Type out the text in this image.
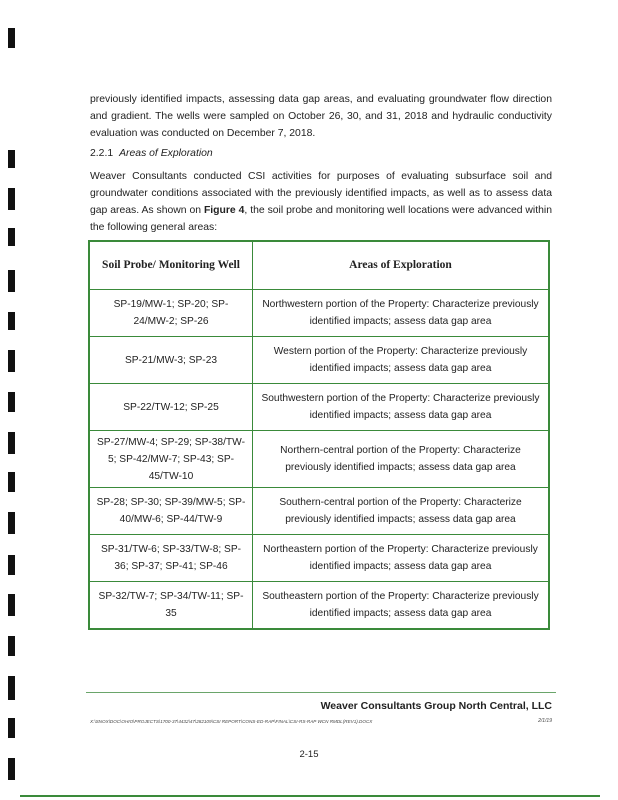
previously identified impacts, assessing data gap areas, and evaluating groundwater flow direction and gradient. The wells were sampled on October 26, 30, and 31, 2018 and hydraulic conductivity evaluation was conducted on December 7, 2018.

2.2.1 Areas of Exploration

Weaver Consultants conducted CSI activities for purposes of evaluating subsurface soil and groundwater conditions associated with the previously identified impacts, as well as to assess data gap areas. As shown on Figure 4, the soil probe and monitoring well locations were advanced within the following general areas:

Soil Probe/ Monitoring Well	Areas of Exploration
SP-19/MW-1; SP-20; SP-24/MW-2; SP-26	Northwestern portion of the Property: Characterize previously identified impacts; assess data gap area
SP-21/MW-3; SP-23	Western portion of the Property: Characterize previously identified impacts; assess data gap area
SP-22/TW-12; SP-25	Southwestern portion of the Property: Characterize previously identified impacts; assess data gap area
SP-27/MW-4; SP-29; SP-38/TW-5; SP-42/MW-7; SP-43; SP-45/TW-10	Northern-central portion of the Property: Characterize previously identified impacts; assess data gap area
SP-28; SP-30; SP-39/MW-5; SP-40/MW-6; SP-44/TW-9	Southern-central portion of the Property: Characterize previously identified impacts; assess data gap area
SP-31/TW-6; SP-33/TW-8; SP-36; SP-37; SP-41; SP-46	Northeastern portion of the Property: Characterize previously identified impacts; assess data gap area
SP-32/TW-7; SP-34/TW-11; SP-35	Southeastern portion of the Property: Characterize previously identified impacts; assess data gap area
Weaver Consultants Group North Central, LLC
X:\SNOX\DOC\OHIO\PROJECTS\1700-37\4432\47\282109\CSI REPORT\CONS-ED-RAP\FINAL\CSI-RS-RAP WCN RMDL(REV1).DOCX	2/1/19
2-15
